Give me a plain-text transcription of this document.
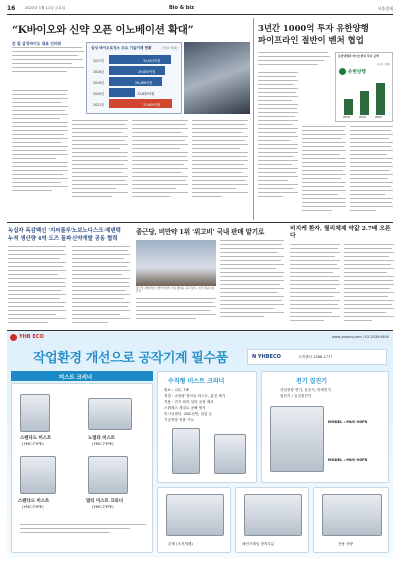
16	2021년 1월 11일 금요일	Bio & biz	서울경제
“K바이오와 신약 오픈 이노베이션 확대”
존 림 삼성바이오 대표 인터뷰
삼성 바이오로직스 주요 기술거래 현황	(단위: 억원)
2017년	33,003억원
2018년	29,855억원
2019년	28,466억원
2020년	13,832억원
2021년	33,600억원
3년간 1000억 투자 유한양행
파이프라인 절반이 벤처 협업
유한양행의 바이오벤처 투자 금액
(단위: 억원)
유한양행
2018	2019	2020
녹십자 독감백신 ‘지씨플루’
누적 생산량 4억 도즈 돌파
노보노디스크·제넨텍
신약개발 공동 협력
종근당, 비만약 1위 ‘위고비’ 국내 판매 맡기로
종근당 관계자들이 협약식에서 기념 촬영을 하고 있다. /사진 제공=종근당
비지케 환자, 퀄리체제 약값 2.7배 오른다
YHB ECO	www.yhbeco.com / 02-2039-6400
작업환경 개선으로 공작기계 필수품	N YHBECO	고객센터 1588-1777
미스트 크리너
스탠다드 미스트
(YMC-TYPE)
노멀타 미스트
(YMC-TYPE)
스탠다드 미스트
(YMC-TYPE)
멀티 미스트 크리너
(YMC-TYPE)
수직형 미스트 크리너
원료 : 나무, TIP
직결 : 소용량 절삭유 미스트, 분진 제거
적용 : 전기 화학 설비 공장 제조
스텐레스 재질로 공해 방지
머시닝센터, CNC선반, 밀링 등
가공현장 적용 가능
전기 집진기
산업현장 연기, 유증기, 미세먼지
집진기 / 유닛집진기
MODEL : MUC-90FR
MODEL : MUC-90FR
본체 (조건개폐)	메인프레임 장착부분	전용 차량
